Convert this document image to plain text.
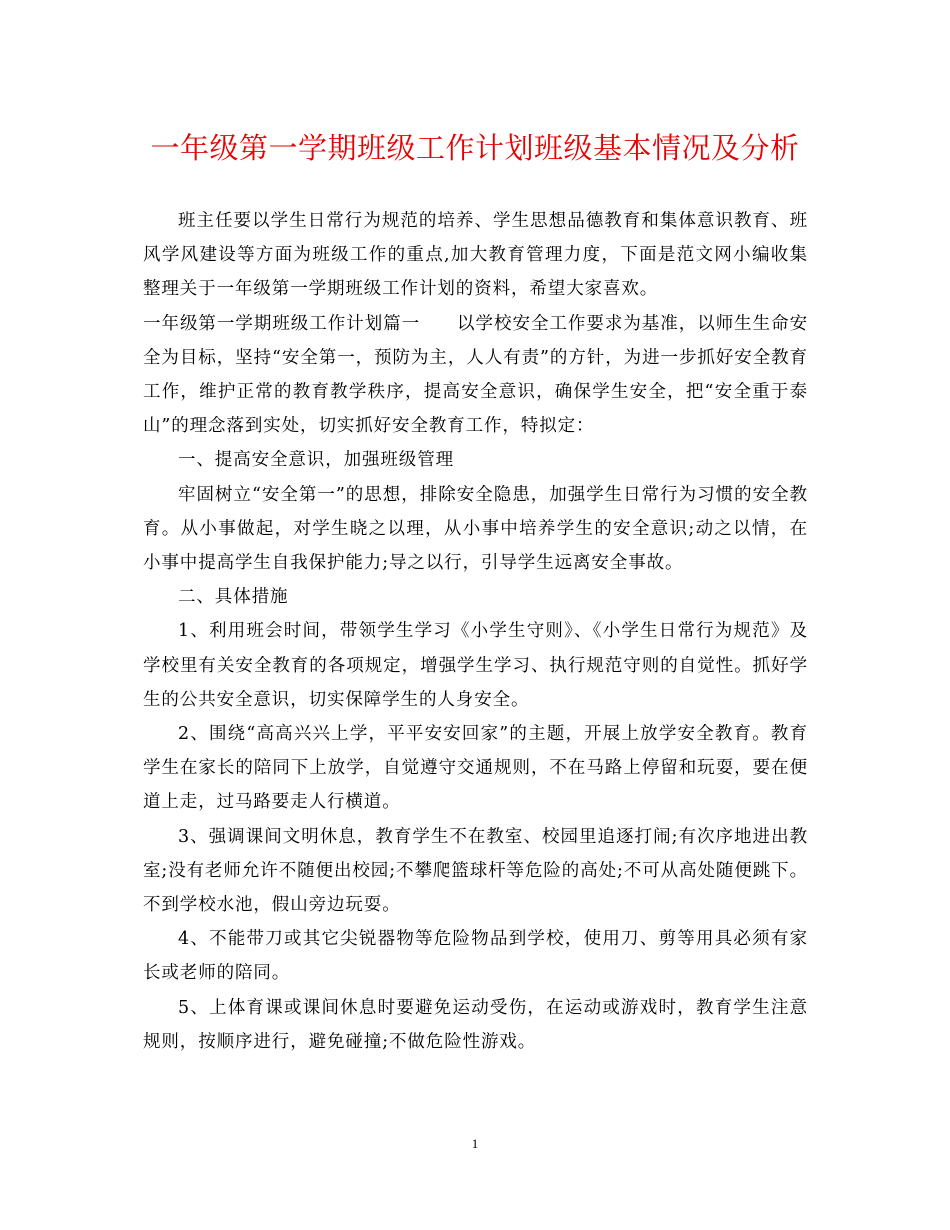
一年级第一学期班级工作计划班级基本情况及分析

班主任要以学生日常行为规范的培养、学生思想品德教育和集体意识教育、班风学风建设等方面为班级工作的重点,加大教育管理力度，下面是范文网小编收集整理关于一年级第一学期班级工作计划的资料，希望大家喜欢。

一年级第一学期班级工作计划篇一　　以学校安全工作要求为基准，以师生生命安全为目标，坚持“安全第一，预防为主，人人有责”的方针，为进一步抓好安全教育工作，维护正常的教育教学秩序，提高安全意识，确保学生安全，把“安全重于泰山”的理念落到实处，切实抓好安全教育工作，特拟定：

一、提高安全意识，加强班级管理

牢固树立“安全第一”的思想，排除安全隐患，加强学生日常行为习惯的安全教育。从小事做起，对学生晓之以理，从小事中培养学生的安全意识;动之以情，在小事中提高学生自我保护能力;导之以行，引导学生远离安全事故。

二、具体措施

1、利用班会时间，带领学生学习《小学生守则》、《小学生日常行为规范》及学校里有关安全教育的各项规定，增强学生学习、执行规范守则的自觉性。抓好学生的公共安全意识，切实保障学生的人身安全。

2、围绕“高高兴兴上学，平平安安回家”的主题，开展上放学安全教育。教育学生在家长的陪同下上放学，自觉遵守交通规则，不在马路上停留和玩耍，要在便道上走，过马路要走人行横道。

3、强调课间文明休息，教育学生不在教室、校园里追逐打闹;有次序地进出教室;没有老师允许不随便出校园;不攀爬篮球杆等危险的高处;不可从高处随便跳下。不到学校水池，假山旁边玩耍。

4、不能带刀或其它尖锐器物等危险物品到学校，使用刀、剪等用具必须有家长或老师的陪同。

5、上体育课或课间休息时要避免运动受伤，在运动或游戏时，教育学生注意规则，按顺序进行，避免碰撞;不做危险性游戏。

1
